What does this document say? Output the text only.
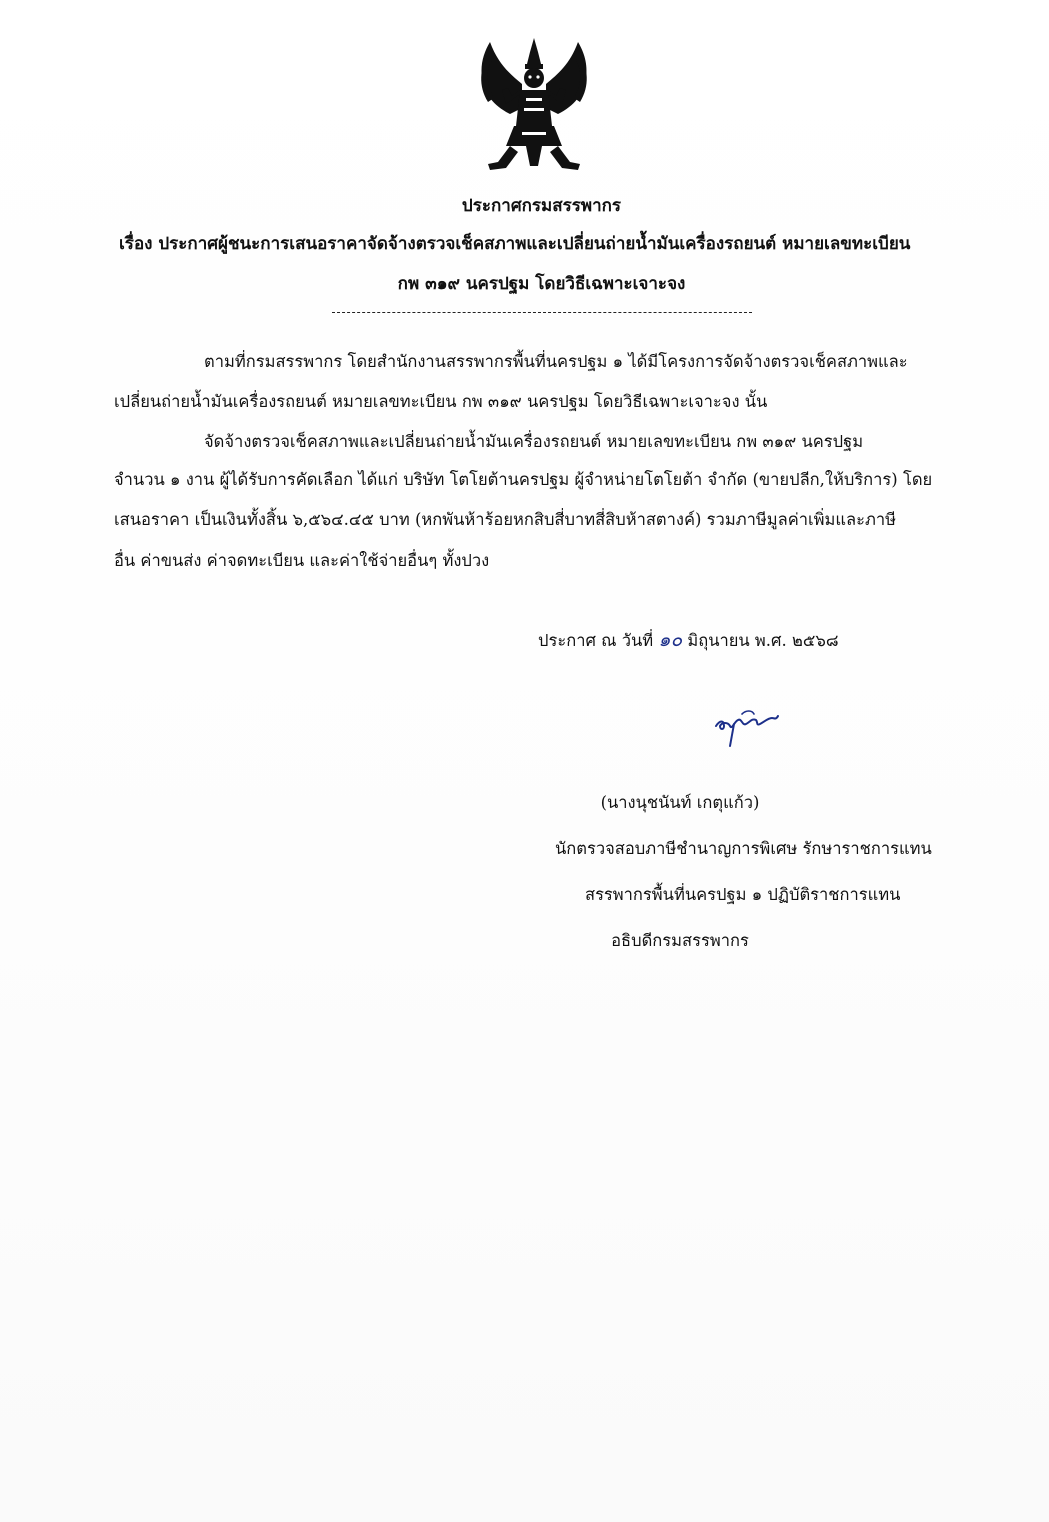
ประกาศกรมสรรพากร
เรื่อง ประกาศผู้ชนะการเสนอราคาจัดจ้างตรวจเช็คสภาพและเปลี่ยนถ่ายน้ำมันเครื่องรถยนต์ หมายเลขทะเบียน
กพ ๓๑๙ นครปฐม โดยวิธีเฉพาะเจาะจง
ตามที่กรมสรรพากร โดยสำนักงานสรรพากรพื้นที่นครปฐม ๑ ได้มีโครงการจัดจ้างตรวจเช็คสภาพและ
เปลี่ยนถ่ายน้ำมันเครื่องรถยนต์ หมายเลขทะเบียน กพ ๓๑๙ นครปฐม โดยวิธีเฉพาะเจาะจง นั้น
จัดจ้างตรวจเช็คสภาพและเปลี่ยนถ่ายน้ำมันเครื่องรถยนต์ หมายเลขทะเบียน กพ ๓๑๙ นครปฐม
จำนวน ๑ งาน ผู้ได้รับการคัดเลือก ได้แก่ บริษัท โตโยต้านครปฐม ผู้จำหน่ายโตโยต้า จำกัด (ขายปลีก,ให้บริการ) โดย
เสนอราคา เป็นเงินทั้งสิ้น ๖,๕๖๔.๔๕ บาท (หกพันห้าร้อยหกสิบสี่บาทสี่สิบห้าสตางค์) รวมภาษีมูลค่าเพิ่มและภาษี
อื่น ค่าขนส่ง ค่าจดทะเบียน และค่าใช้จ่ายอื่นๆ ทั้งปวง
ประกาศ ณ วันที่ ๑๐ มิถุนายน พ.ศ. ๒๕๖๘
(นางนุชนันท์ เกตุแก้ว)
นักตรวจสอบภาษีชำนาญการพิเศษ รักษาราชการแทน
สรรพากรพื้นที่นครปฐม ๑ ปฏิบัติราชการแทน
อธิบดีกรมสรรพากร
